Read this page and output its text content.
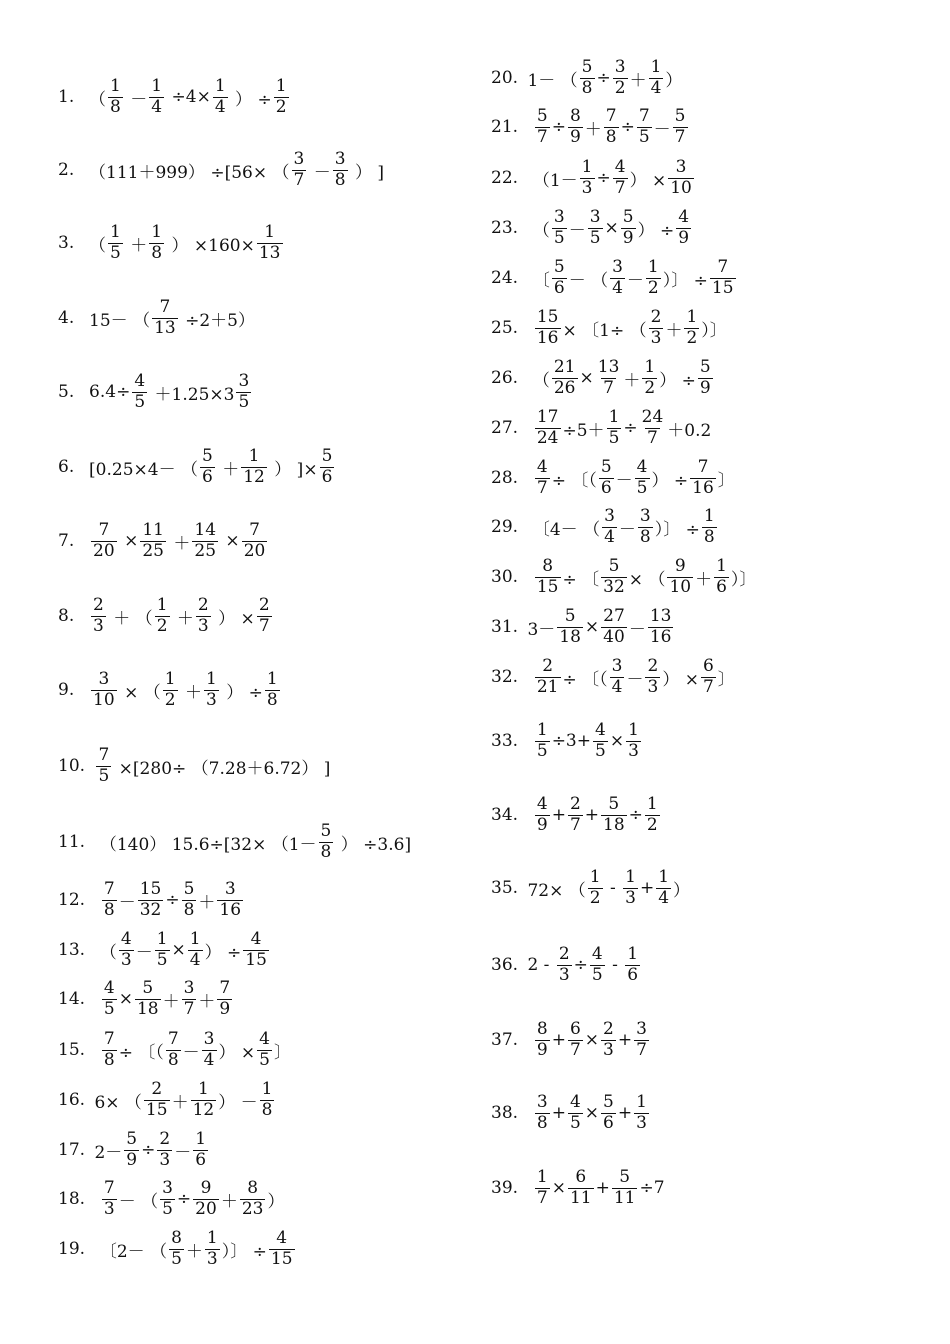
1. （ $\frac{1}{8} - \frac{1}{4} \div 4\times \frac{1}{4}$ ） ÷ $\frac{1}{2}$
2. （111＋999） ÷[56× （ $\frac{3}{7} - \frac{3}{8}$ ） ]
3. （ $\frac{1}{5} + \frac{1}{8}$ ） $\times 160\times \frac{1}{13}$
4. 15－ （ $\frac{7}{13} \div 2+5$）
5. $6.4\div \frac{4}{5} +1.25\times 3 \frac{3}{5}$
6. [0.25×4－ （ $\frac{5}{6} + \frac{1}{12}$ ） ]× $\frac{5}{6}$
7.
$\frac{7}{20} \times \frac{11}{25} + \frac{14}{25} \times \frac{7}{20}$
8.
$\frac{2}{3}$ ＋ （ $\frac{1}{2} + \frac{2}{3}$ ） × $\frac{2}{7}$
9.
$\frac{3}{10}$ × （ $\frac{1}{2} + \frac{1}{3}$ ） ÷ $\frac{1}{8}$
10.
$\frac{7}{5} \times[280\div (7.28+6.72)$ ]
11. （140） $15.6\div[32\times (1- \frac{5}{8}$ ） ÷3.6]
12.
$\frac{7}{8} - \frac{15}{32} \div \frac{5}{8} + \frac{3}{16}$
13. （ $\frac{4}{3} - \frac{1}{5} \times \frac{1}{4}$ ） ÷ $\frac{4}{15}$
14.
$\frac{4}{5} \times \frac{5}{18} + \frac{3}{7} + \frac{7}{9}$
15.
$\frac{7}{8}$ ÷ 〔（ $\frac{7}{8} - \frac{3}{4}$ ） × $\frac{4}{5}$ 〕
16. 6× （ $\frac{2}{15} + \frac{1}{12}$ ） － $\frac{1}{8}$
17. $2- \frac{5}{9} \div \frac{2}{3} - \frac{1}{6}$
18.
$\frac{7}{3}$ － （ $\frac{3}{5} \div \frac{9}{20} + \frac{8}{23}$ ）
19. 〔2－ （ $\frac{8}{5} + \frac{1}{3}$ ）〕 ÷ $\frac{4}{15}$
20. 1－ （ $\frac{5}{8} \div \frac{3}{2} + \frac{1}{4}$ ）
21.
$\frac{5}{7} \div \frac{8}{9} + \frac{7}{8} \div \frac{7}{5} - \frac{5}{7}$
22. （$1- \frac{1}{3} \div \frac{4}{7}$ ） × $\frac{3}{10}$
23. （ $\frac{3}{5} - \frac{3}{5} \times \frac{5}{9}$ ） ÷ $\frac{4}{9}$
24. 〔 $\frac{5}{6}$ － （ $\frac{3}{4} - \frac{1}{2}$ ）〕 ÷ $\frac{7}{15}$
25.
$\frac{15}{16}$ × 〔1÷ （ $\frac{2}{3} + \frac{1}{2}$ ）〕
26. （ $\frac{21}{26} \times \frac{13}{7} + \frac{1}{2}$ ） ÷ $\frac{5}{9}$
27.
$\frac{17}{24} \div 5+ \frac{1}{5} \div \frac{24}{7} +0.2$
28.
$\frac{4}{7}$ ÷ 〔（ $\frac{5}{6} - \frac{4}{5}$ ） ÷ $\frac{7}{16}$ 〕
29. 〔4－ （ $\frac{3}{4} - \frac{3}{8}$ ）〕 ÷ $\frac{1}{8}$
30.
$\frac{8}{15}$ ÷ 〔 $\frac{5}{32}$ × （ $\frac{9}{10} + \frac{1}{6}$ ）〕
31. $3- \frac{5}{18} \times \frac{27}{40} - \frac{13}{16}$
32.
$\frac{2}{21}$ ÷ 〔（ $\frac{3}{4} - \frac{2}{3}$ ） × $\frac{6}{7}$ 〕
33.
$\frac{1}{5} \div 3+ \frac{4}{5} \times \frac{1}{3}$
34.
$\frac{4}{9} + \frac{2}{7} + \frac{5}{18} \div \frac{1}{2}$
35. 72× （ $\frac{1}{2} - \frac{1}{3} + \frac{1}{4}$ ）
36. $2 - \frac{2}{3} \div \frac{4}{5} - \frac{1}{6}$
37.
$\frac{8}{9} + \frac{6}{7} \times \frac{2}{3} + \frac{3}{7}$
38.
$\frac{3}{8} + \frac{4}{5} \times \frac{5}{6} + \frac{1}{3}$
39.
$\frac{1}{7} \times \frac{6}{11} + \frac{5}{11} \div 7$
